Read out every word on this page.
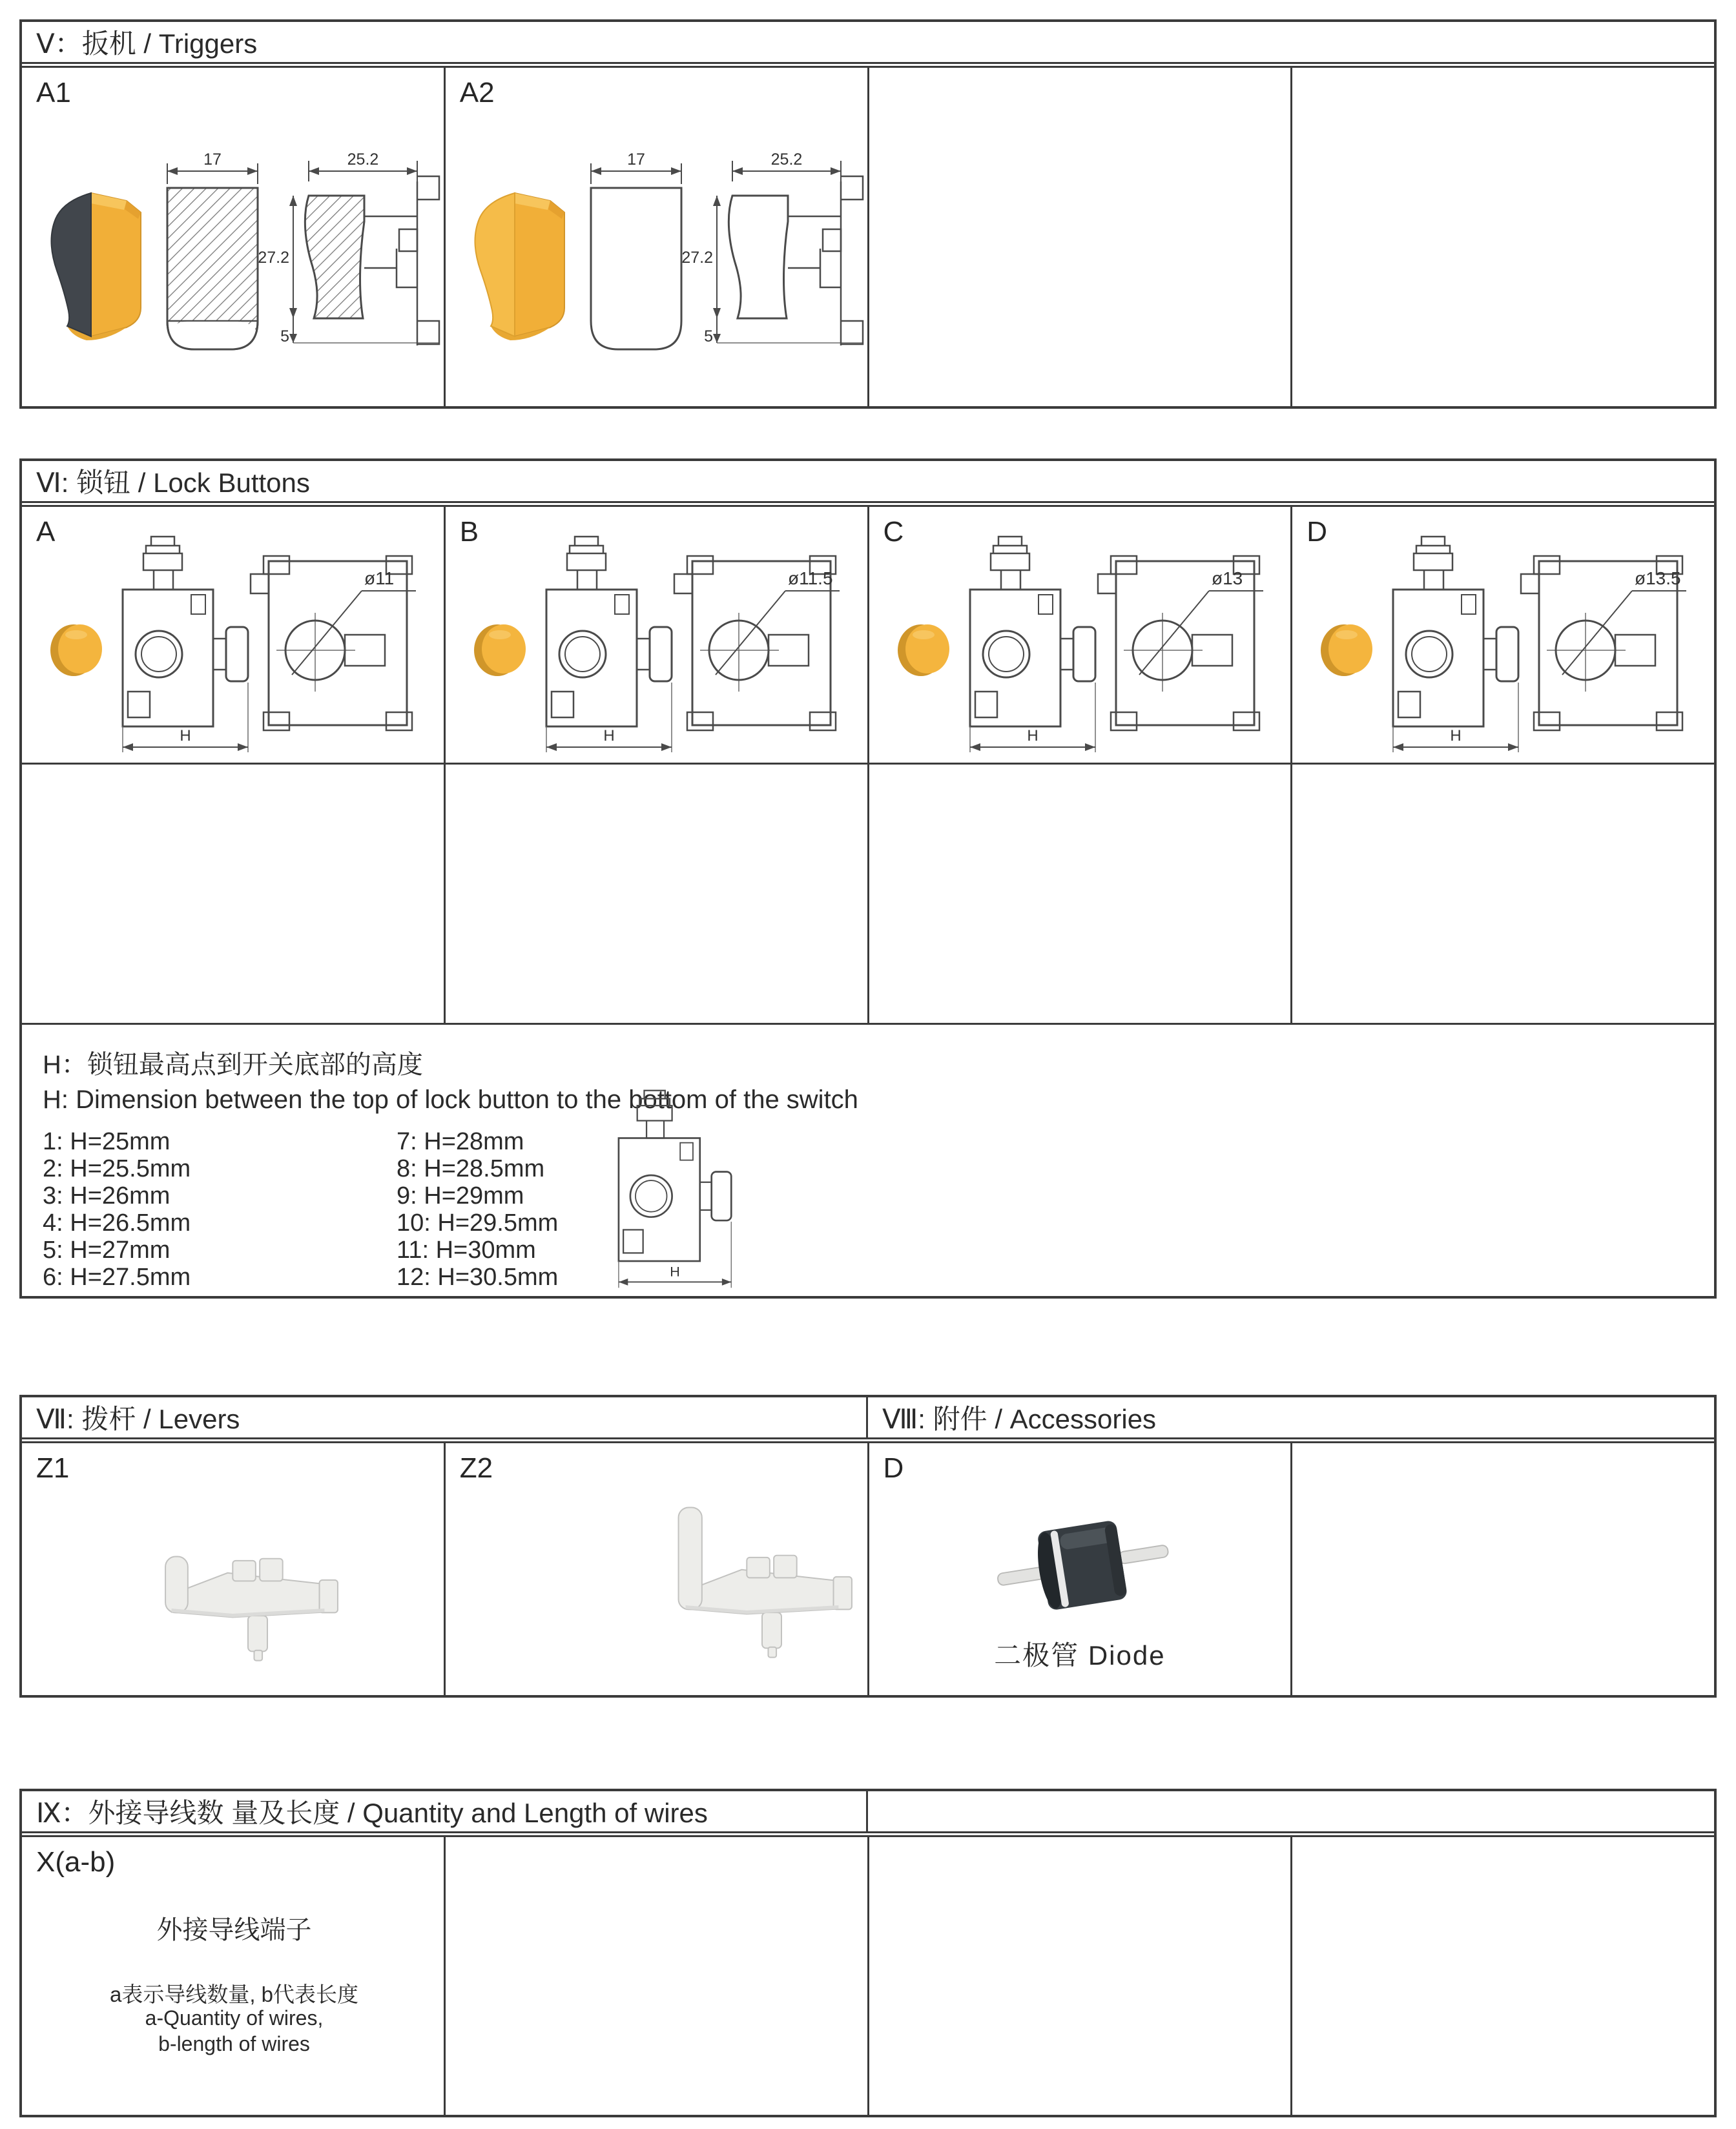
Ⅴ：扳机 / Triggers
A1
17	25.2
27.2
5
A2
17	25.2
27.2
5
Ⅵ: 锁钮 / Lock Buttons
A
H
ø11
B
H
ø11.5
C
H
ø13
D
H
ø13.5
H：锁钮最高点到开关底部的高度
H: Dimension between the top of lock button to the bottom of the switch
1: H=25mm
2: H=25.5mm
3: H=26mm
4: H=26.5mm
5: H=27mm
6: H=27.5mm
7: H=28mm
8: H=28.5mm
9: H=29mm
10: H=29.5mm
11: H=30mm
12: H=30.5mm	H
Ⅶ: 拨杆 / Levers	Ⅷ: 附件 / Accessories
Z1	Z2	D
二极管 Diode
Ⅸ：外接导线数 量及长度 / Quantity and Length of wires
X(a-b)
外接导线端子
a表示导线数量, b代表长度
a-Quantity of wires,
b-length of wires
